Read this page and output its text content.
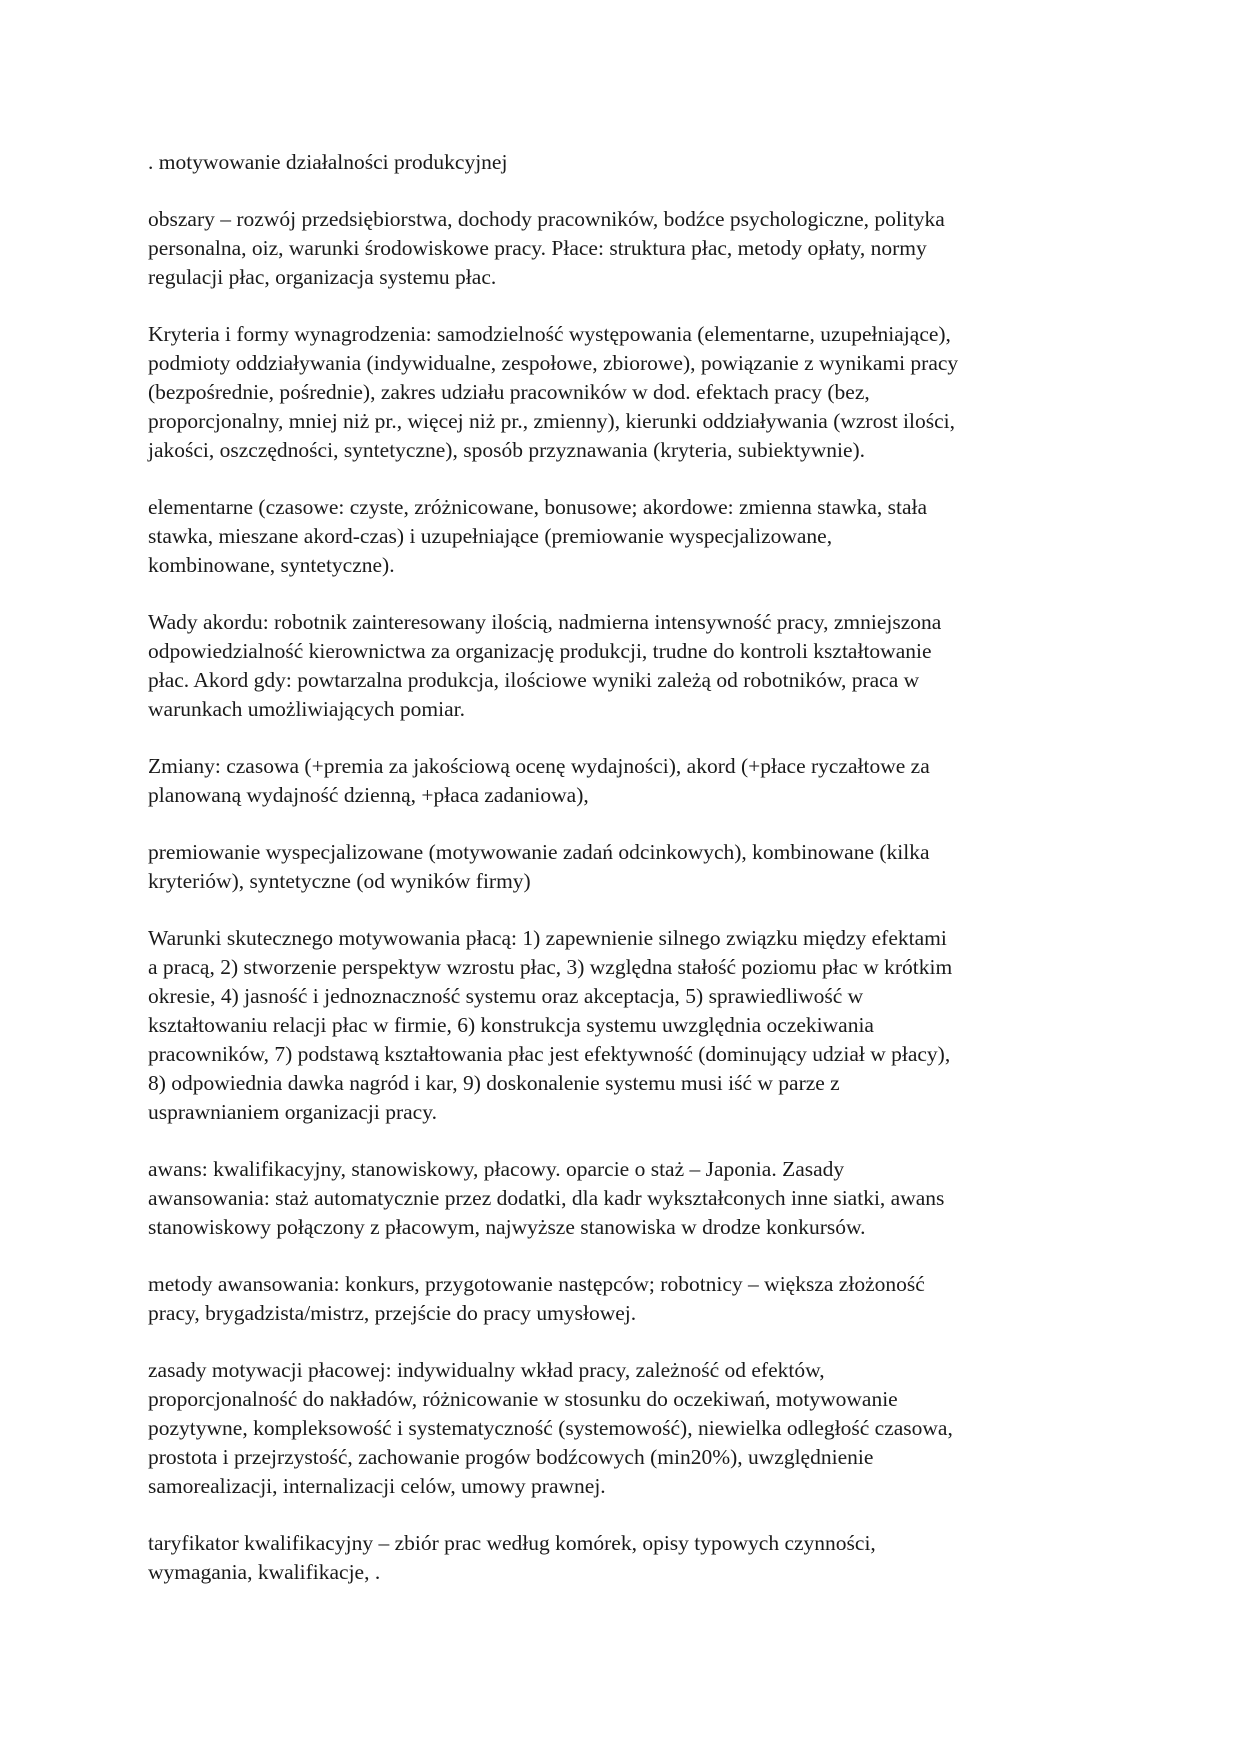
. motywowanie działalności produkcyjnej

obszary – rozwój przedsiębiorstwa, dochody pracowników, bodźce psychologiczne, polityka
personalna, oiz, warunki środowiskowe pracy. Płace: struktura płac, metody opłaty, normy
regulacji płac, organizacja systemu płac.

Kryteria i formy wynagrodzenia: samodzielność występowania (elementarne, uzupełniające),
podmioty oddziaływania (indywidualne, zespołowe, zbiorowe), powiązanie z wynikami pracy
(bezpośrednie, pośrednie), zakres udziału pracowników w dod. efektach pracy (bez,
proporcjonalny, mniej niż pr., więcej niż pr., zmienny), kierunki oddziaływania (wzrost ilości,
jakości, oszczędności, syntetyczne), sposób przyznawania (kryteria, subiektywnie).

elementarne (czasowe: czyste, zróżnicowane, bonusowe; akordowe: zmienna stawka, stała
stawka, mieszane akord-czas) i uzupełniające (premiowanie wyspecjalizowane,
kombinowane, syntetyczne).

Wady akordu: robotnik zainteresowany ilością, nadmierna intensywność pracy, zmniejszona
odpowiedzialność kierownictwa za organizację produkcji, trudne do kontroli kształtowanie
płac. Akord gdy: powtarzalna produkcja, ilościowe wyniki zależą od robotników, praca w
warunkach umożliwiających pomiar.

Zmiany: czasowa (+premia za jakościową ocenę wydajności), akord (+płace ryczałtowe za
planowaną wydajność dzienną, +płaca zadaniowa),

premiowanie wyspecjalizowane (motywowanie zadań odcinkowych), kombinowane (kilka
kryteriów), syntetyczne (od wyników firmy)

Warunki skutecznego motywowania płacą: 1) zapewnienie silnego związku między efektami
a pracą, 2) stworzenie perspektyw wzrostu płac, 3) względna stałość poziomu płac w krótkim
okresie, 4) jasność i jednoznaczność systemu oraz akceptacja, 5) sprawiedliwość w
kształtowaniu relacji płac w firmie, 6) konstrukcja systemu uwzględnia oczekiwania
pracowników, 7) podstawą kształtowania płac jest efektywność (dominujący udział w płacy),
8) odpowiednia dawka nagród i kar, 9) doskonalenie systemu musi iść w parze z
usprawnianiem organizacji pracy.

awans: kwalifikacyjny, stanowiskowy, płacowy. oparcie o staż – Japonia. Zasady
awansowania: staż automatycznie przez dodatki, dla kadr wykształconych inne siatki, awans
stanowiskowy połączony z płacowym, najwyższe stanowiska w drodze konkursów.

metody awansowania: konkurs, przygotowanie następców; robotnicy – większa złożoność
pracy, brygadzista/mistrz, przejście do pracy umysłowej.

zasady motywacji płacowej: indywidualny wkład pracy, zależność od efektów,
proporcjonalność do nakładów, różnicowanie w stosunku do oczekiwań, motywowanie
pozytywne, kompleksowość i systematyczność (systemowość), niewielka odległość czasowa,
prostota i przejrzystość, zachowanie progów bodźcowych (min20%), uwzględnienie
samorealizacji, internalizacji celów, umowy prawnej.

taryfikator kwalifikacyjny – zbiór prac według komórek, opisy typowych czynności,
wymagania, kwalifikacje, .
